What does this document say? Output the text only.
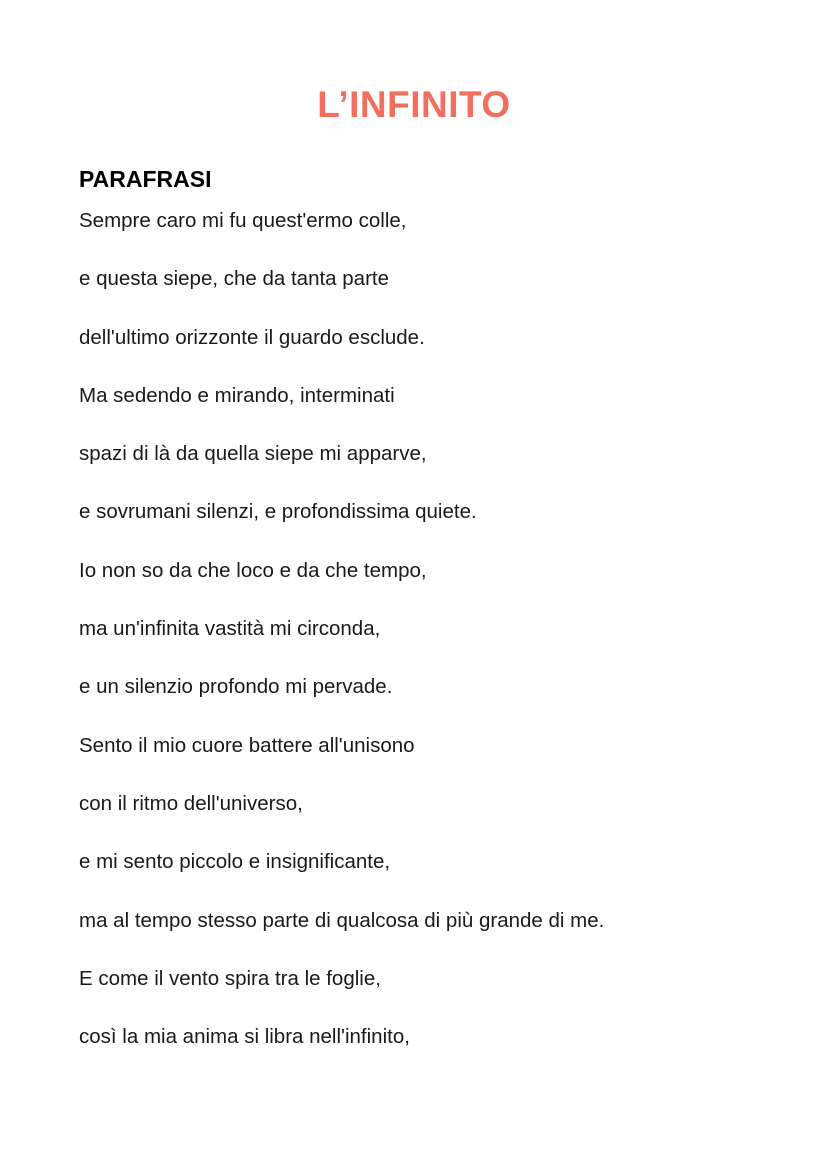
L’INFINITO
PARAFRASI
Sempre caro mi fu quest'ermo colle,
e questa siepe, che da tanta parte
dell'ultimo orizzonte il guardo esclude.
Ma sedendo e mirando, interminati
spazi di là da quella siepe mi apparve,
e sovrumani silenzi, e profondissima quiete.
Io non so da che loco e da che tempo,
ma un'infinita vastità mi circonda,
e un silenzio profondo mi pervade.
Sento il mio cuore battere all'unisono
con il ritmo dell'universo,
e mi sento piccolo e insignificante,
ma al tempo stesso parte di qualcosa di più grande di me.
E come il vento spira tra le foglie,
così la mia anima si libra nell'infinito,
